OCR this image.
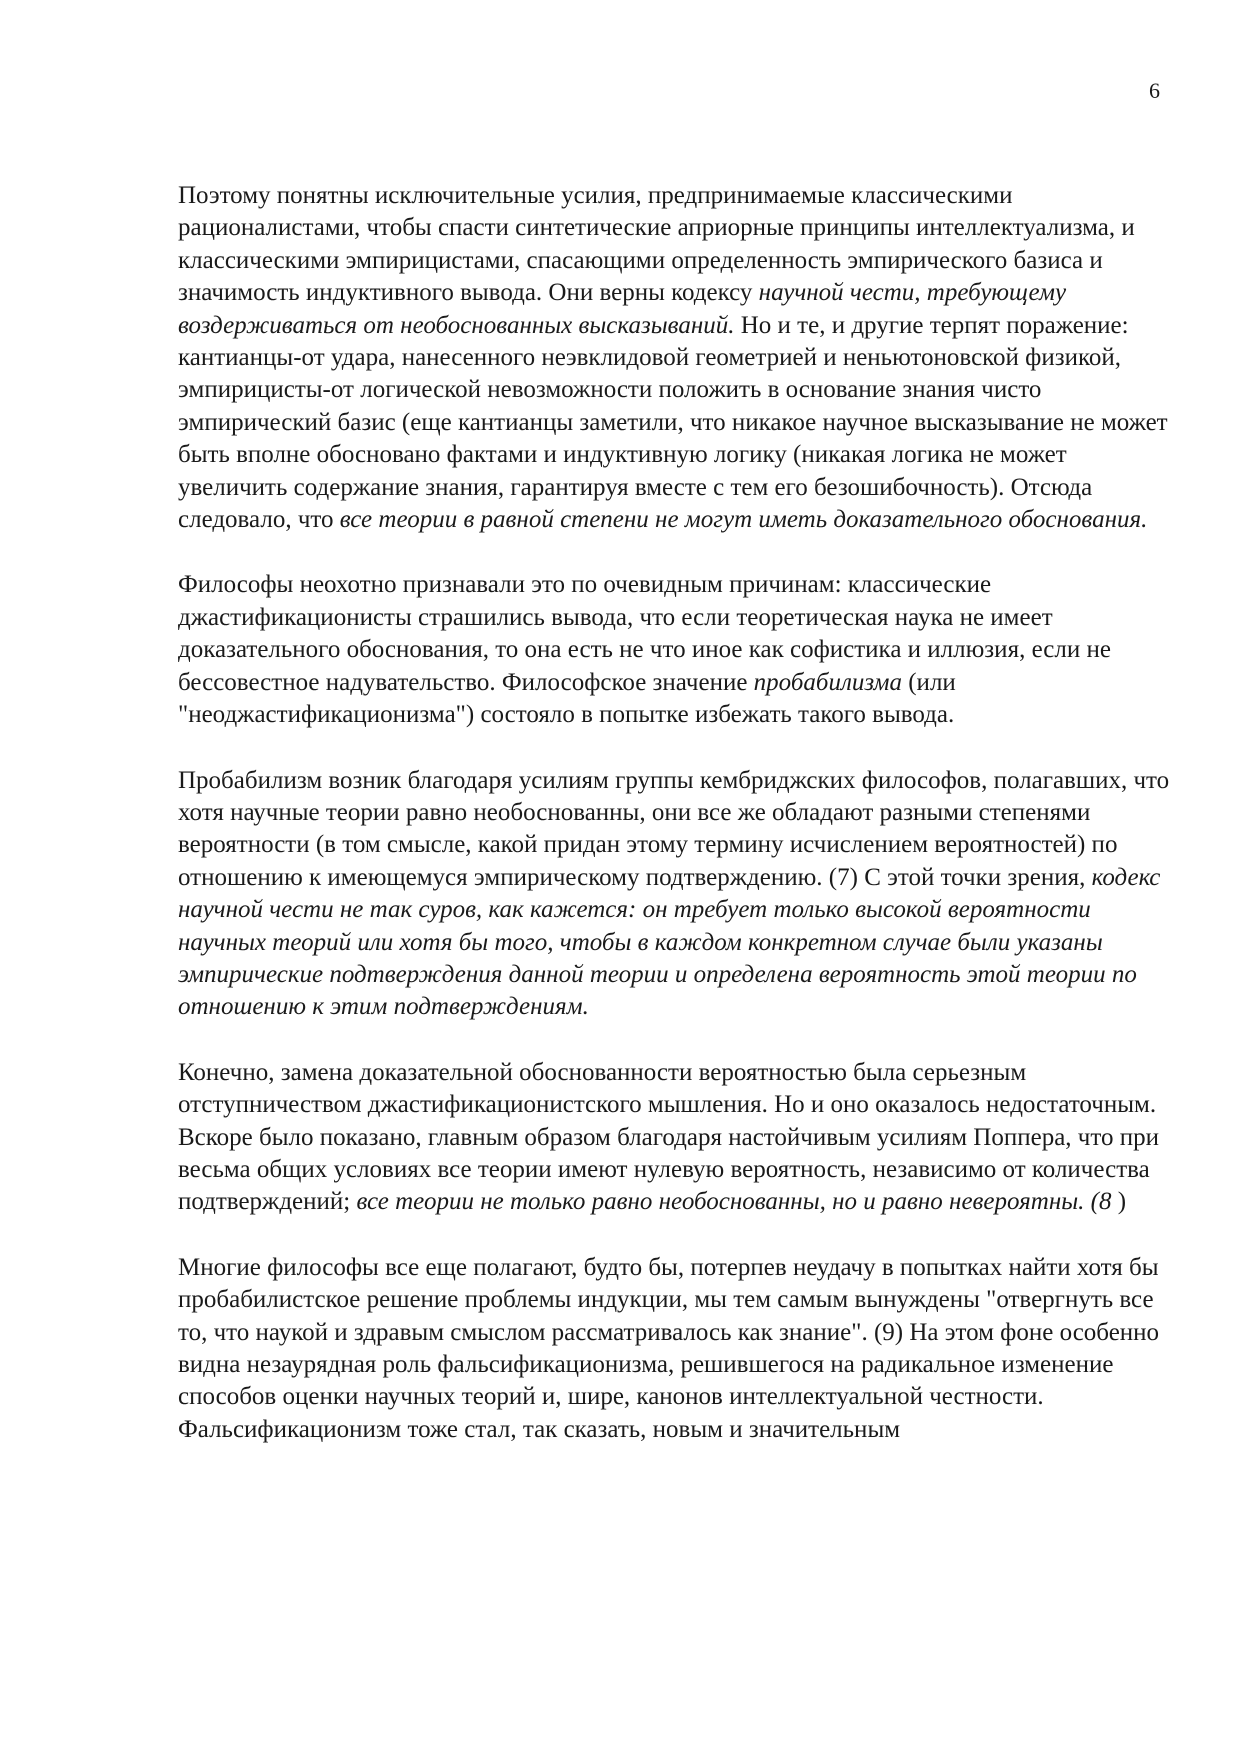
6

Поэтому понятны исключительные усилия, предпринимаемые классическими рационалистами, чтобы спасти синтетические априорные принципы интеллектуализма, и классическими эмпирицистами, спасающими определенность эмпирического базиса и значимость индуктивного вывода. Они верны кодексу научной чести, требующему воздерживаться от необоснованных высказываний. Но и те, и другие терпят поражение: кантианцы-от удара, нанесенного неэвклидовой геометрией и неньютоновской физикой, эмпирицисты-от логической невозможности положить в основание знания чисто эмпирический базис (еще кантианцы заметили, что никакое научное высказывание не может быть вполне обосновано фактами и индуктивную логику (никакая логика не может увеличить содержание знания, гарантируя вместе с тем его безошибочность). Отсюда следовало, что все теории в равной степени не могут иметь доказательного обоснования.

Философы неохотно признавали это по очевидным причинам: классические джастификационисты страшились вывода, что если теоретическая наука не имеет доказательного обоснования, то она есть не что иное как софистика и иллюзия, если не бессовестное надувательство. Философское значение пробабилизма (или "неоджастификационизма") состояло в попытке избежать такого вывода.

Пробабилизм возник благодаря усилиям группы кембриджских философов, полагавших, что хотя научные теории равно необоснованны, они все же обладают разными степенями вероятности (в том смысле, какой придан этому термину исчислением вероятностей) по отношению к имеющемуся эмпирическому подтверждению. (7) С этой точки зрения, кодекс научной чести не так суров, как кажется: он требует только высокой вероятности научных теорий или хотя бы того, чтобы в каждом конкретном случае были указаны эмпирические подтверждения данной теории и определена вероятность этой теории по отношению к этим подтверждениям.

Конечно, замена доказательной обоснованности вероятностью была серьезным отступничеством джастификационистского мышления. Но и оно оказалось недостаточным. Вскоре было показано, главным образом благодаря настойчивым усилиям Поппера, что при весьма общих условиях все теории имеют нулевую вероятность, независимо от количества подтверждений; все теории не только равно необоснованны, но и равно невероятны. (8 )

Многие философы все еще полагают, будто бы, потерпев неудачу в попытках найти хотя бы пробабилистское решение проблемы индукции, мы тем самым вынуждены "отвергнуть все то, что наукой и здравым смыслом рассматривалось как знание". (9) На этом фоне особенно видна незаурядная роль фальсификационизма, решившегося на радикальное изменение способов оценки научных теорий и, шире, канонов интеллектуальной честности. Фальсификационизм тоже стал, так сказать, новым и значительным
